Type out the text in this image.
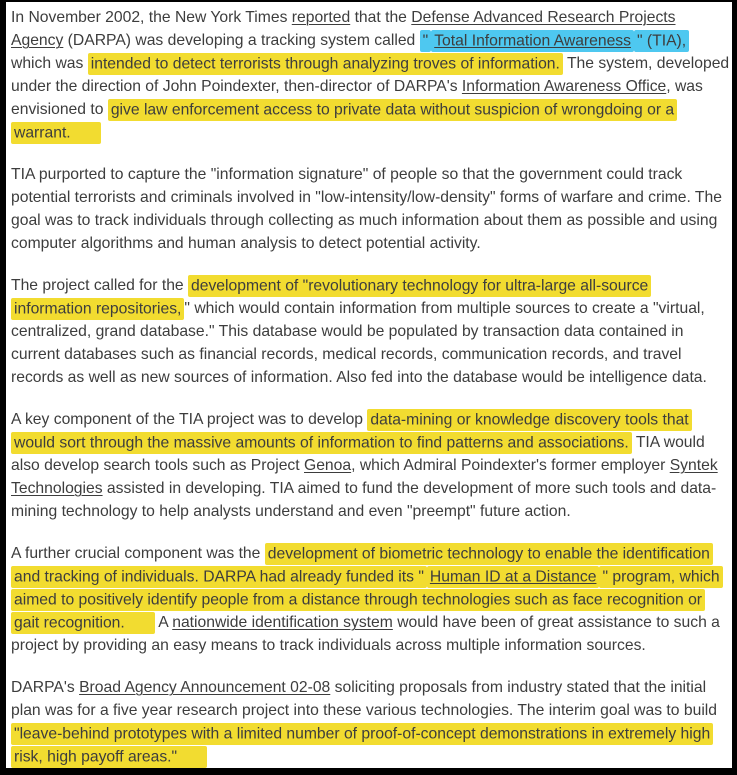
In November 2002, the New York Times reported that the Defense Advanced Research Projects Agency (DARPA) was developing a tracking system called " Total Information Awareness " (TIA), which was intended to detect terrorists through analyzing troves of information. The system, developed under the direction of John Poindexter, then-director of DARPA's Information Awareness Office, was envisioned to give law enforcement access to private data without suspicion of wrongdoing or a warrant.

TIA purported to capture the "information signature" of people so that the government could track potential terrorists and criminals involved in "low-intensity/low-density" forms of warfare and crime. The goal was to track individuals through collecting as much information about them as possible and using computer algorithms and human analysis to detect potential activity.

The project called for the development of "revolutionary technology for ultra-large all-source information repositories, " which would contain information from multiple sources to create a "virtual, centralized, grand database." This database would be populated by transaction data contained in current databases such as financial records, medical records, communication records, and travel records as well as new sources of information. Also fed into the database would be intelligence data.

A key component of the TIA project was to develop data-mining or knowledge discovery tools that would sort through the massive amounts of information to find patterns and associations. TIA would also develop search tools such as Project Genoa, which Admiral Poindexter's former employer Syntek Technologies assisted in developing. TIA aimed to fund the development of more such tools and data-mining technology to help analysts understand and even "preempt" future action.

A further crucial component was the development of biometric technology to enable the identification and tracking of individuals. DARPA had already funded its " Human ID at a Distance " program, which aimed to positively identify people from a distance through technologies such as face recognition or gait recognition. A nationwide identification system would have been of great assistance to such a project by providing an easy means to track individuals across multiple information sources.

DARPA's Broad Agency Announcement 02-08 soliciting proposals from industry stated that the initial plan was for a five year research project into these various technologies. The interim goal was to build "leave-behind prototypes with a limited number of proof-of-concept demonstrations in extremely high risk, high payoff areas."
